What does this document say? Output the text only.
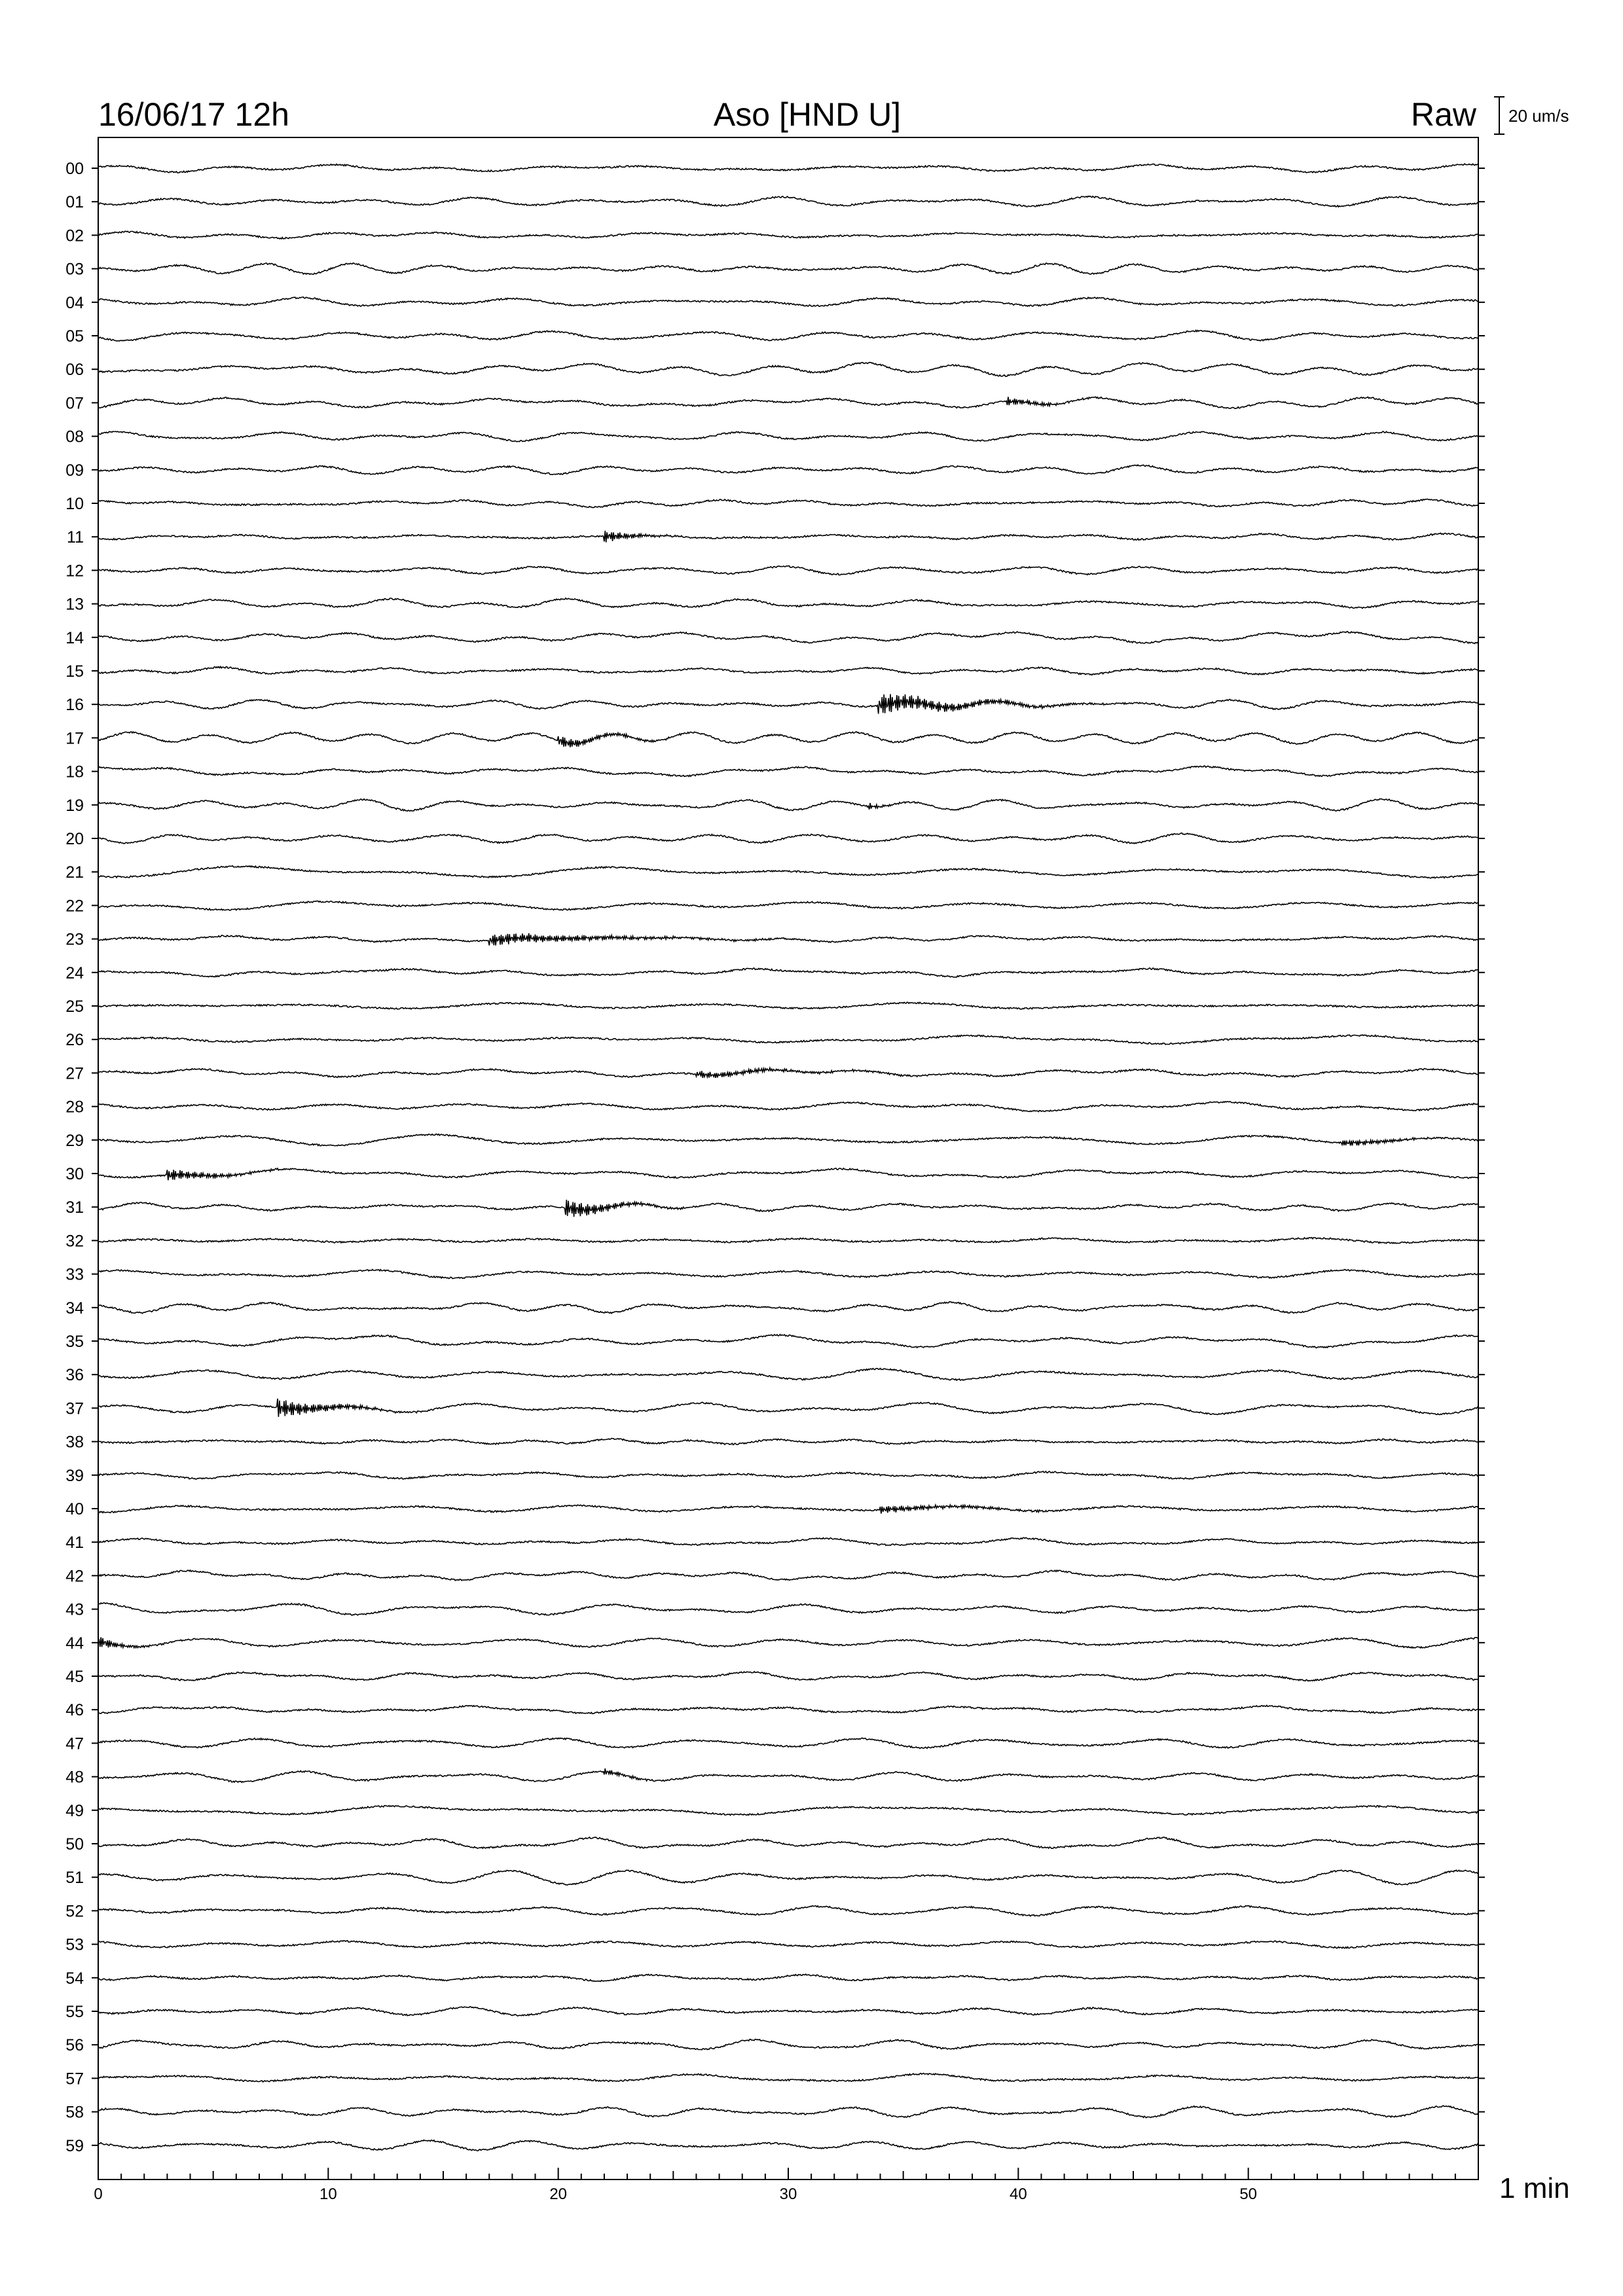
16/06/17 12h	Aso [HND U]	Raw 20 um/s
00
01
02
03
04
05
06
07
08
09
10
11
12
13
14
15
16
17
18
19
20
21
22
23
24
25
26
27
28
29
30
31
32
33
34
35
36
37
38
39
40
41
42
43
44
45
46
47
48
49
50
51
52
53
54
55
56
57
58
59
0	10	20	30	40	50	1 min
